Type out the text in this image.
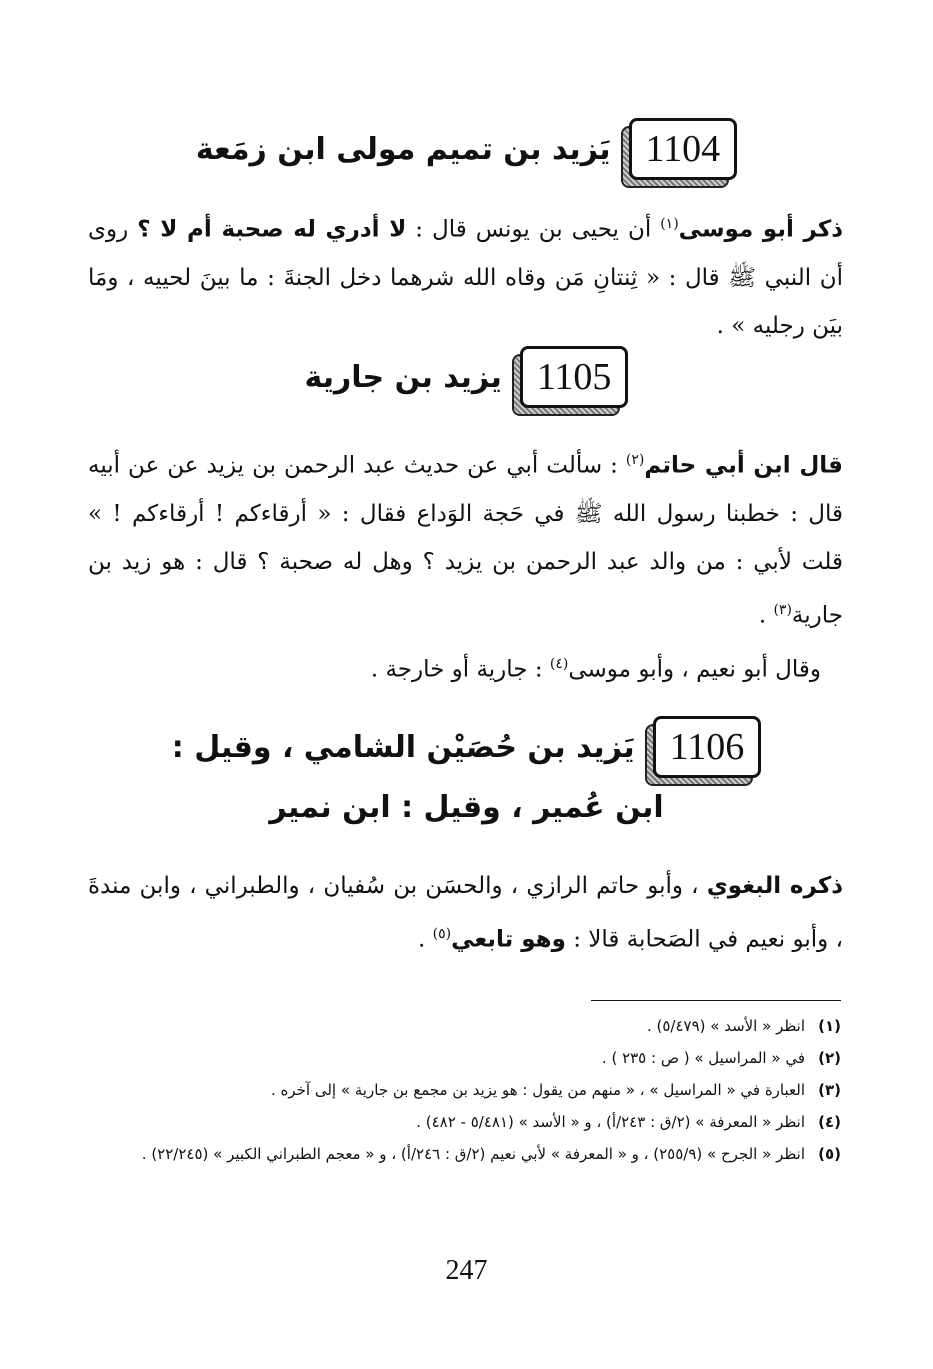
1104
يَزيد بن تميم مولى ابن زمَعة
ذكر أبو موسى$^{(١)}$ أن يحيى بن يونس قال : لا أدري له صحبة أم لا ؟ روى أن النبي ﷺ قال : « ثِنتانِ مَن وقاه الله شرهما دخل الجنةَ : ما بينَ لحييه ، ومَا بيَن رجليه » .
1105
يزيد بن جارية
قال ابن أبي حاتم$^{(٢)}$ : سألت أبي عن حديث عبد الرحمن بن يزيد عن عن أبيه قال : خطبنا رسول الله ﷺ في حَجة الوَداع فقال : « أرقاءكم ! أرقاءكم ! » قلت لأبي : من والد عبد الرحمن بن يزيد ؟ وهل له صحبة ؟ قال : هو زيد بن جارية$^{(٣)}$ .
وقال أبو نعيم ، وأبو موسى$^{(٤)}$ : جارية أو خارجة .
1106
يَزيد بن حُصَيْن الشامي ، وقيل :
ابن عُمير ، وقيل : ابن نمير
ذكره البغوي ، وأبو حاتم الرازي ، والحسَن بن سُفيان ، والطبراني ، وابن مندةَ ، وأبو نعيم في الصَحابة قالا : وهو تابعي$^{(٥)}$ .
(١)
انظر « الأسد » (٥/٤٧٩) .
(٢)
في « المراسيل » ( ص : ٢٣٥ ) .
(٣)
العبارة في « المراسيل » ، « منهم من يقول : هو يزيد بن مجمع بن جارية » إلى آخره .
(٤)
انظر « المعرفة » (٢/ق : ٢٤٣/أ) ، و « الأسد » (٥/٤٨١ - ٤٨٢) .
(٥)
انظر « الجرح » (٢٥٥/٩) ، و « المعرفة » لأبي نعيم (٢/ق : ٢٤٦/أ) ، و « معجم الطبراني الكبير » (٢٢/٢٤٥) .
247
